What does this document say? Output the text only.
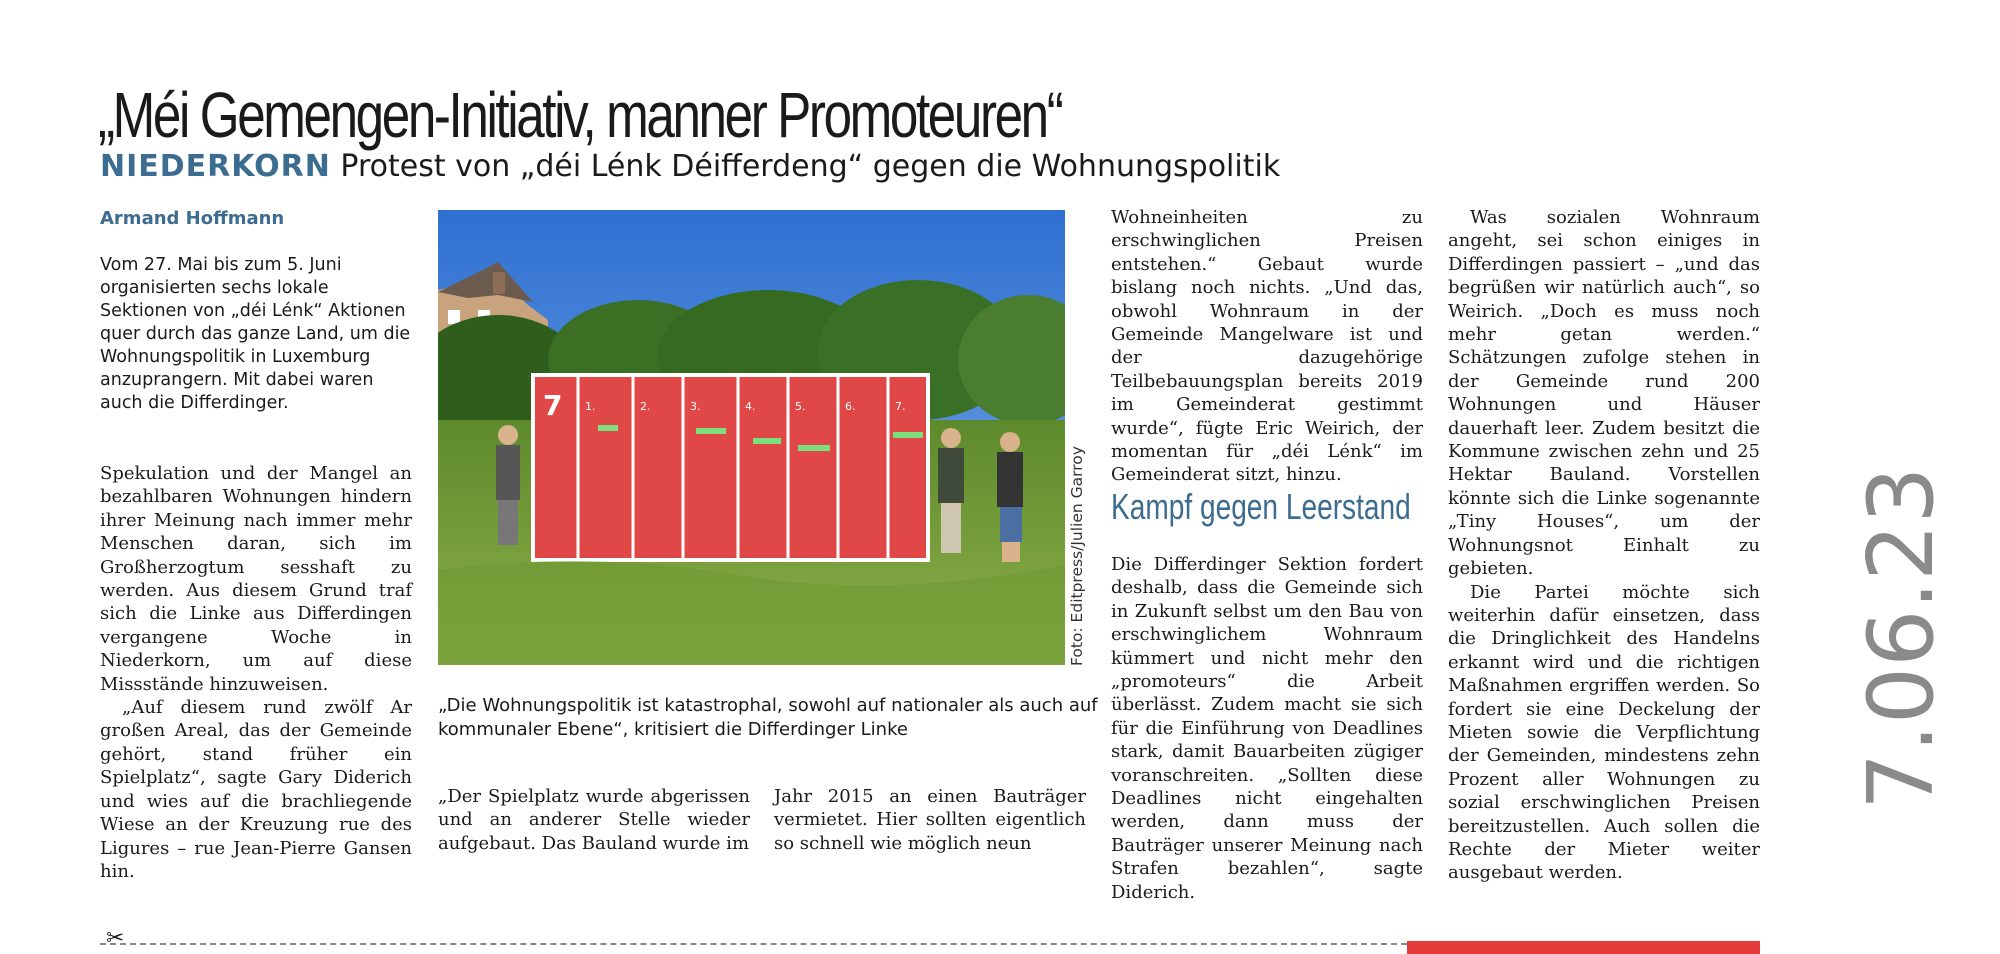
„Méi Gemengen-Initiativ, manner Promoteuren“
NIEDERKORN Protest von „déi Lénk Déifferdeng“ gegen die Wohnungspolitik
Armand Hoffmann

Vom 27. Mai bis zum 5. Juni organisierten sechs lokale Sektionen von „déi Lénk“ Aktionen quer durch das ganze Land, um die Wohnungspolitik in Luxemburg anzuprangern. Mit dabei waren auch die Differdinger.

Spekulation und der Mangel an bezahlbaren Wohnungen hindern ihrer Meinung nach immer mehr Menschen daran, sich im Großherzogtum sesshaft zu werden. Aus diesem Grund traf sich die Linke aus Differdingen vergangene Woche in Niederkorn, um auf diese Missstände hinzuweisen.

„Auf diesem rund zwölf Ar großen Areal, das der Gemeinde gehört, stand früher ein Spielplatz“, sagte Gary Diderich und wies auf die brachliegende Wiese an der Kreuzung rue des Ligures – rue Jean-Pierre Gansen hin.

7 1.	2.	3.	4.	5.	6.	7.
Foto: Editpress/Julien Garroy
„Die Wohnungspolitik ist katastrophal, sowohl auf nationaler als auch auf kommunaler Ebene“, kritisiert die Differdinger Linke

„Der Spielplatz wurde abgerissen und an anderer Stelle wieder aufgebaut. Das Bauland wurde im

Jahr 2015 an einen Bauträger vermietet. Hier sollten eigentlich so schnell wie möglich neun

Wohneinheiten zu erschwinglichen Preisen entstehen.“ Gebaut wurde bislang noch nichts. „Und das, obwohl Wohnraum in der Gemeinde Mangelware ist und der dazugehörige Teilbebauungsplan bereits 2019 im Gemeinderat gestimmt wurde“, fügte Eric Weirich, der momentan für „déi Lénk“ im Gemeinderat sitzt, hinzu.

Kampf gegen Leerstand

Die Differdinger Sektion fordert deshalb, dass die Gemeinde sich in Zukunft selbst um den Bau von erschwinglichem Wohnraum kümmert und nicht mehr den „promoteurs“ die Arbeit überlässt. Zudem macht sie sich für die Einführung von Deadlines stark, damit Bauarbeiten zügiger voranschreiten. „Sollten diese Deadlines nicht eingehalten werden, dann muss der Bauträger unserer Meinung nach Strafen bezahlen“, sagte Diderich.

Was sozialen Wohnraum angeht, sei schon einiges in Differdingen passiert – „und das begrüßen wir natürlich auch“, so Weirich. „Doch es muss noch mehr getan werden.“ Schätzungen zufolge stehen in der Gemeinde rund 200 Wohnungen und Häuser dauerhaft leer. Zudem besitzt die Kommune zwischen zehn und 25 Hektar Bauland. Vorstellen könnte sich die Linke sogenannte „Tiny Houses“, um der Wohnungsnot Einhalt zu gebieten.

Die Partei möchte sich weiterhin dafür einsetzen, dass die Dringlichkeit des Handelns erkannt wird und die richtigen Maßnahmen ergriffen werden. So fordert sie eine Deckelung der Mieten sowie die Verpflichtung der Gemeinden, mindestens zehn Prozent aller Wohnungen zu sozial erschwinglichen Preisen bereitzustellen. Auch sollen die Rechte der Mieter weiter ausgebaut werden.

7.06.23
✂
